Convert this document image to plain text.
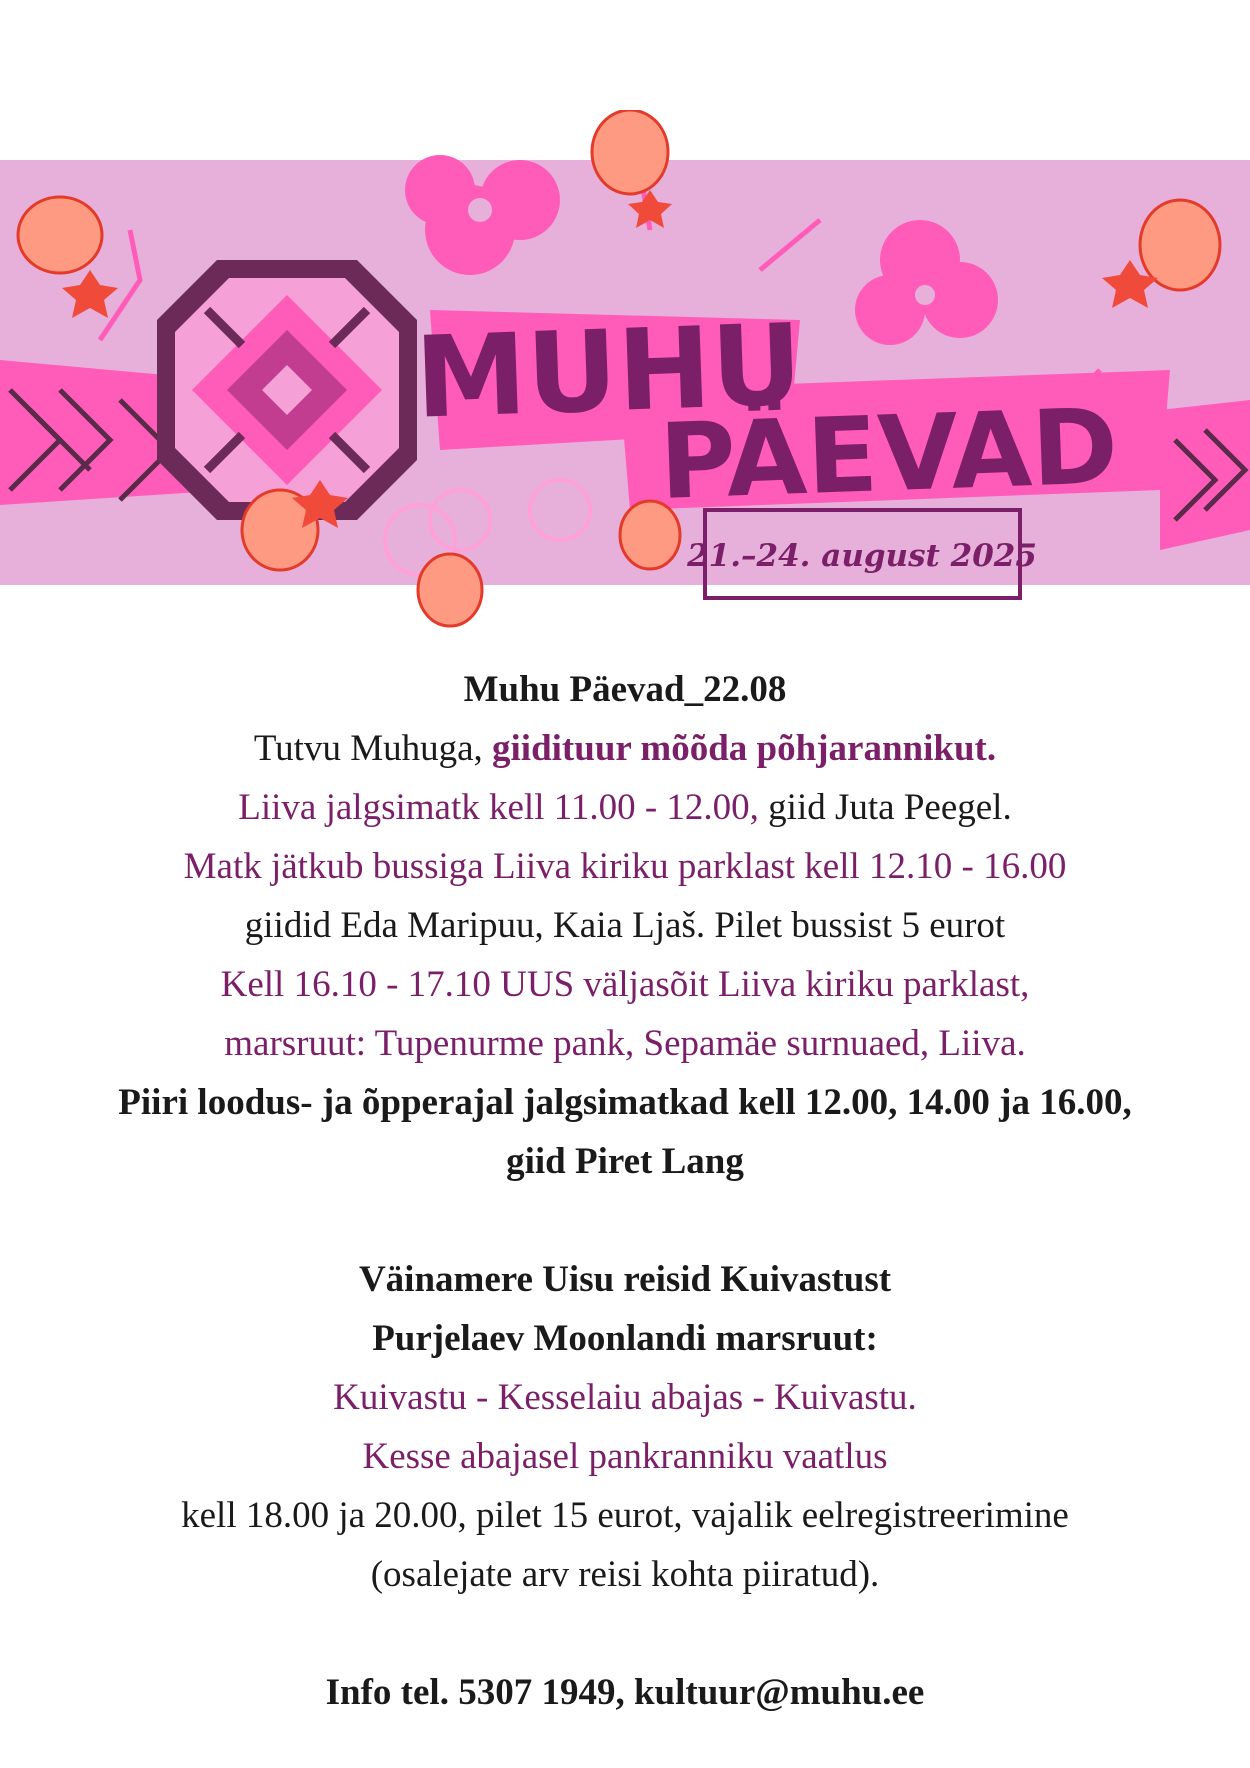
MUHU
PÄEVAD
21.–24. august 2025

Muhu Päevad_22.08

Tutvu Muhuga, giidituur mõõda põhjarannikut.

Liiva jalgsimatk kell 11.00 - 12.00, giid Juta Peegel.

Matk jätkub bussiga Liiva kiriku parklast kell 12.10 - 16.00

giidid Eda Maripuu, Kaia Ljaš. Pilet bussist 5 eurot

Kell 16.10 - 17.10 UUS väljasõit Liiva kiriku parklast,

marsruut: Tupenurme pank, Sepamäe surnuaed, Liiva.

Piiri loodus- ja õpperajal jalgsimatkad kell 12.00, 14.00 ja 16.00,

giid Piret Lang

Väinamere Uisu reisid Kuivastust

Purjelaev Moonlandi marsruut:

Kuivastu - Kesselaiu abajas - Kuivastu.

Kesse abajasel pankranniku vaatlus

kell 18.00 ja 20.00, pilet 15 eurot, vajalik eelregistreerimine

(osalejate arv reisi kohta piiratud).

Info tel. 5307 1949, kultuur@muhu.ee
